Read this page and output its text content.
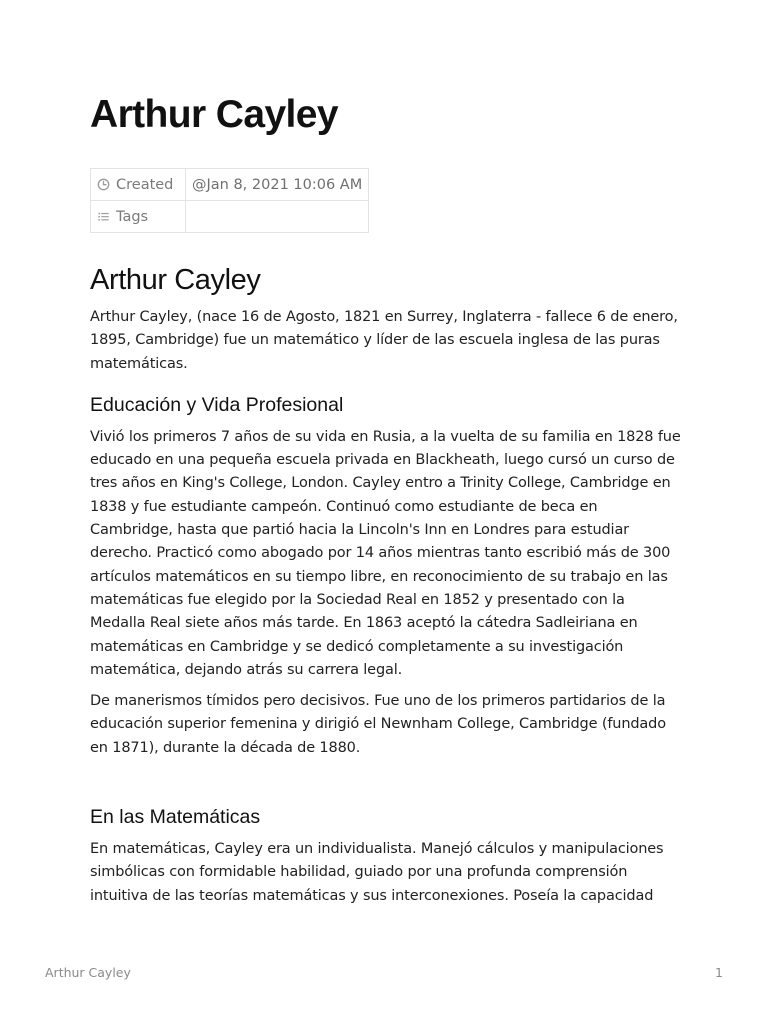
Arthur Cayley
Created	@Jan 8, 2021 10:06 AM
Tags	
Arthur Cayley

Arthur Cayley, (nace 16 de Agosto, 1821 en Surrey, Inglaterra - fallece 6 de enero, 1895, Cambridge) fue un matemático y líder de las escuela inglesa de las puras matemáticas.

Educación y Vida Profesional

Vivió los primeros 7 años de su vida en Rusia, a la vuelta de su familia en 1828 fue educado en una pequeña escuela privada en Blackheath, luego cursó un curso de tres años en King's College, London. Cayley entro a Trinity College, Cambridge en 1838 y fue estudiante campeón. Continuó como estudiante de beca en Cambridge, hasta que partió hacia la Lincoln's Inn en Londres para estudiar derecho. Practicó como abogado por 14 años mientras tanto escribió más de 300 artículos matemáticos en su tiempo libre, en reconocimiento de su trabajo en las matemáticas fue elegido por la Sociedad Real en 1852 y presentado con la Medalla Real siete años más tarde. En 1863 aceptó la cátedra Sadleiriana en matemáticas en Cambridge y se dedicó completamente a su investigación matemática, dejando atrás su carrera legal.

De manerismos tímidos pero decisivos. Fue uno de los primeros partidarios de la educación superior femenina y dirigió el Newnham College, Cambridge (fundado en 1871), durante la década de 1880.

En las Matemáticas

En matemáticas, Cayley era un individualista. Manejó cálculos y manipulaciones simbólicas con formidable habilidad, guiado por una profunda comprensión intuitiva de las teorías matemáticas y sus interconexiones. Poseía la capacidad

Arthur Cayley	1
